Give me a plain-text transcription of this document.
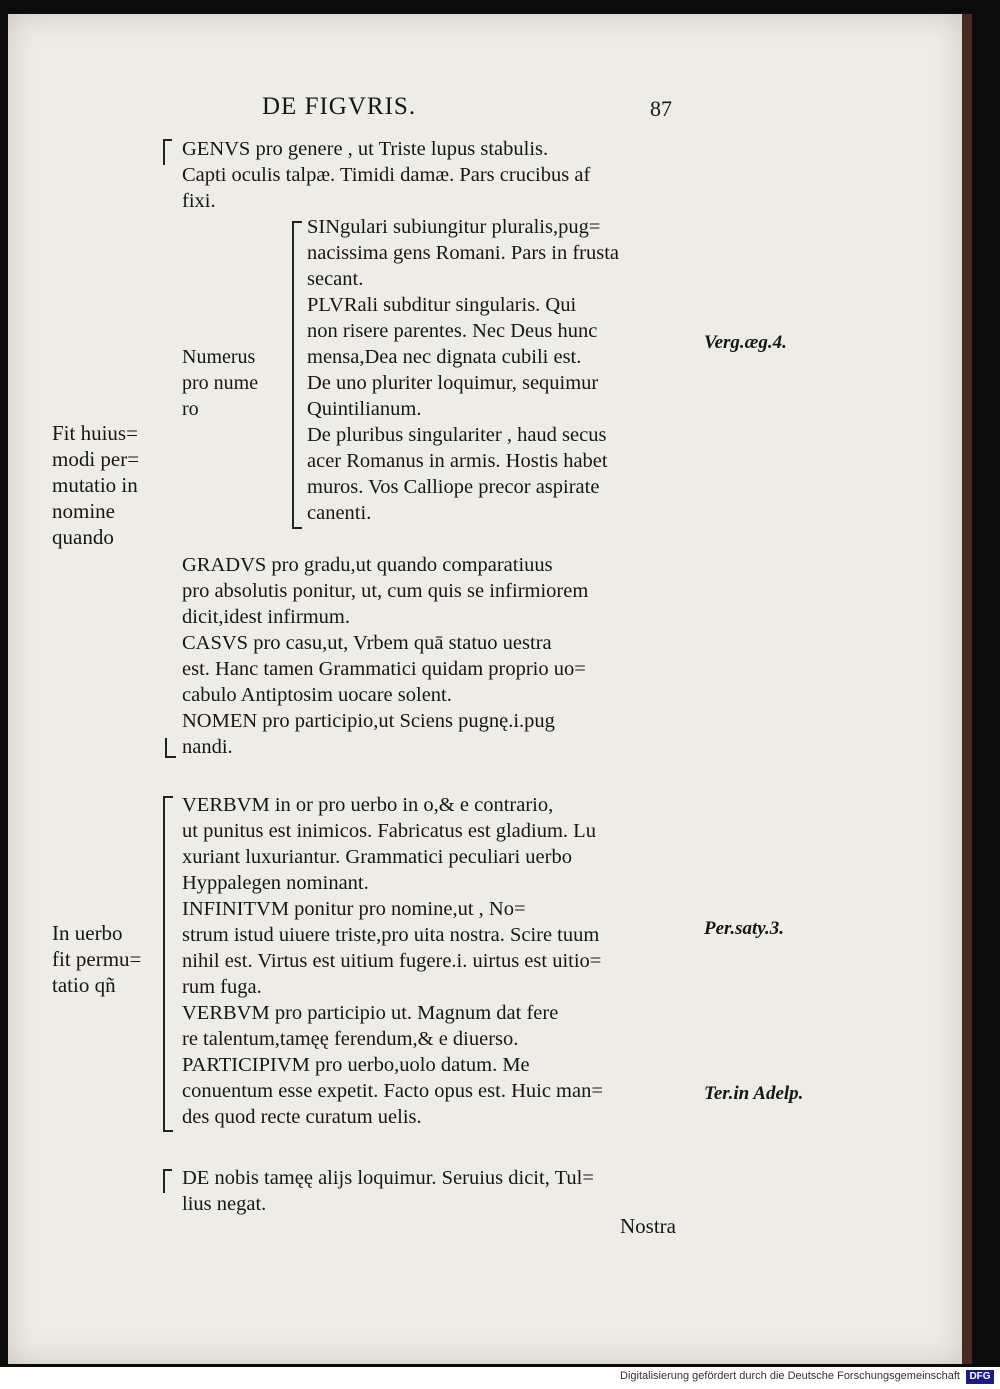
DE FIGVRIS.	87
GENVS pro genere , ut Triste lupus stabulis.
Capti oculis talpæ. Timidi damæ. Pars crucibus af
fixi.
Numerus
pro nume
ro
SINgulari subiungitur pluralis,pug=
nacissima gens Romani. Pars in frusta
secant.
PLVRali subditur singularis. Qui
non risere parentes. Nec Deus hunc
mensa,Dea nec dignata cubili est.
De uno pluriter loquimur, sequimur
Quintilianum.
De pluribus singulariter , haud secus
acer Romanus in armis. Hostis habet
muros. Vos Calliope precor aspirate
canenti.
Verg.æg.4.
Fit huius=
modi per=
mutatio in
nomine
quando
GRADVS pro gradu,ut quando comparatiuus
pro absolutis ponitur, ut, cum quis se infirmiorem
dicit,idest infirmum.
CASVS pro casu,ut, Vrbem quā statuo uestra
est. Hanc tamen Grammatici quidam proprio uo=
cabulo Antiptosim uocare solent.
NOMEN pro participio,ut Sciens pugnę.i.pug
nandi.
VERBVM in or pro uerbo in o,& e contrario,
ut punitus est inimicos. Fabricatus est gladium. Lu
xuriant luxuriantur. Grammatici peculiari uerbo
Hyppalegen nominant.
INFINITVM ponitur pro nomine,ut , No=
strum istud uiuere triste,pro uita nostra. Scire tuum
nihil est. Virtus est uitium fugere.i. uirtus est uitio=
rum fuga.
VERBVM pro participio ut. Magnum dat fere
re talentum,tamęę ferendum,& e diuerso.
PARTICIPIVM pro uerbo,uolo datum. Me
conuentum esse expetit. Facto opus est. Huic man=
des quod recte curatum uelis.
In uerbo
fit permu=
tatio qñ
Per.saty.3.
Ter.in Adelp.
DE nobis tamęę alijs loquimur. Seruius dicit, Tul=
lius negat.
Nostra
Digitalisierung gefördert durch die Deutsche Forschungsgemeinschaft DFG
